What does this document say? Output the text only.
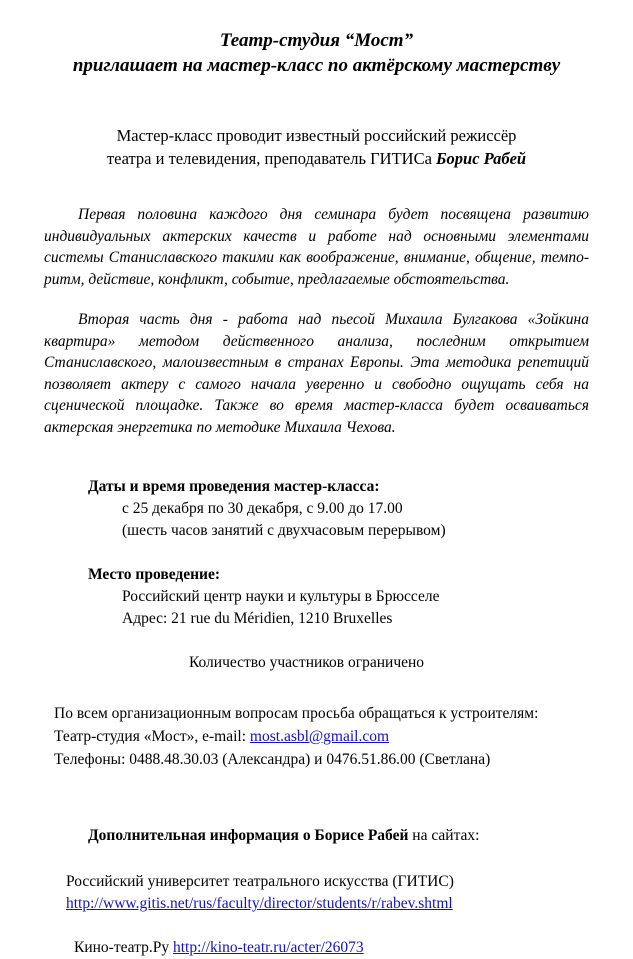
Театр-студия “Мост”
приглашает на мастер-класс по актёрскому мастерству
Мастер-класс проводит известный российский режиссёр
театра и телевидения, преподаватель ГИТИСа Борис Рабей

Первая половина каждого дня семинара будет посвящена развитию индивидуальных актерских качеств и работе над основными элементами системы Станиславского такими как воображение, внимание, общение, темпо-ритм, действие, конфликт, событие, предлагаемые обстоятельства.

Вторая часть дня - работа над пьесой Михаила Булгакова «Зойкина квартира» методом действенного анализа, последним открытием Станиславского, малоизвестным в странах Европы. Эта методика репетиций позволяет актеру с самого начала уверенно и свободно ощущать себя на сценической площадке. Также во время мастер-класса будет осваиваться актерская энергетика по методике Михаила Чехова.

Даты и время проведения мастер-класса:

с 25 декабря по 30 декабря, с 9.00 до 17.00

(шесть часов занятий с двухчасовым перерывом)

Место проведение:

Российский центр науки и культуры в Брюсселе

Адрес: 21 rue du Méridien, 1210 Bruxelles

Количество участников ограничено

По всем организационным вопросам просьба обращаться к устроителям:

Театр-студия «Мост», e-mail: most.asbl@gmail.com

Телефоны: 0488.48.30.03 (Александра) и 0476.51.86.00 (Светлана)

Дополнительная информация о Борисе Рабей на сайтах:

Российский университет театрального искусства (ГИТИС)

http://www.gitis.net/rus/faculty/director/students/r/rabev.shtml

Кино-театр.Ру http://kino-teatr.ru/acter/26073
